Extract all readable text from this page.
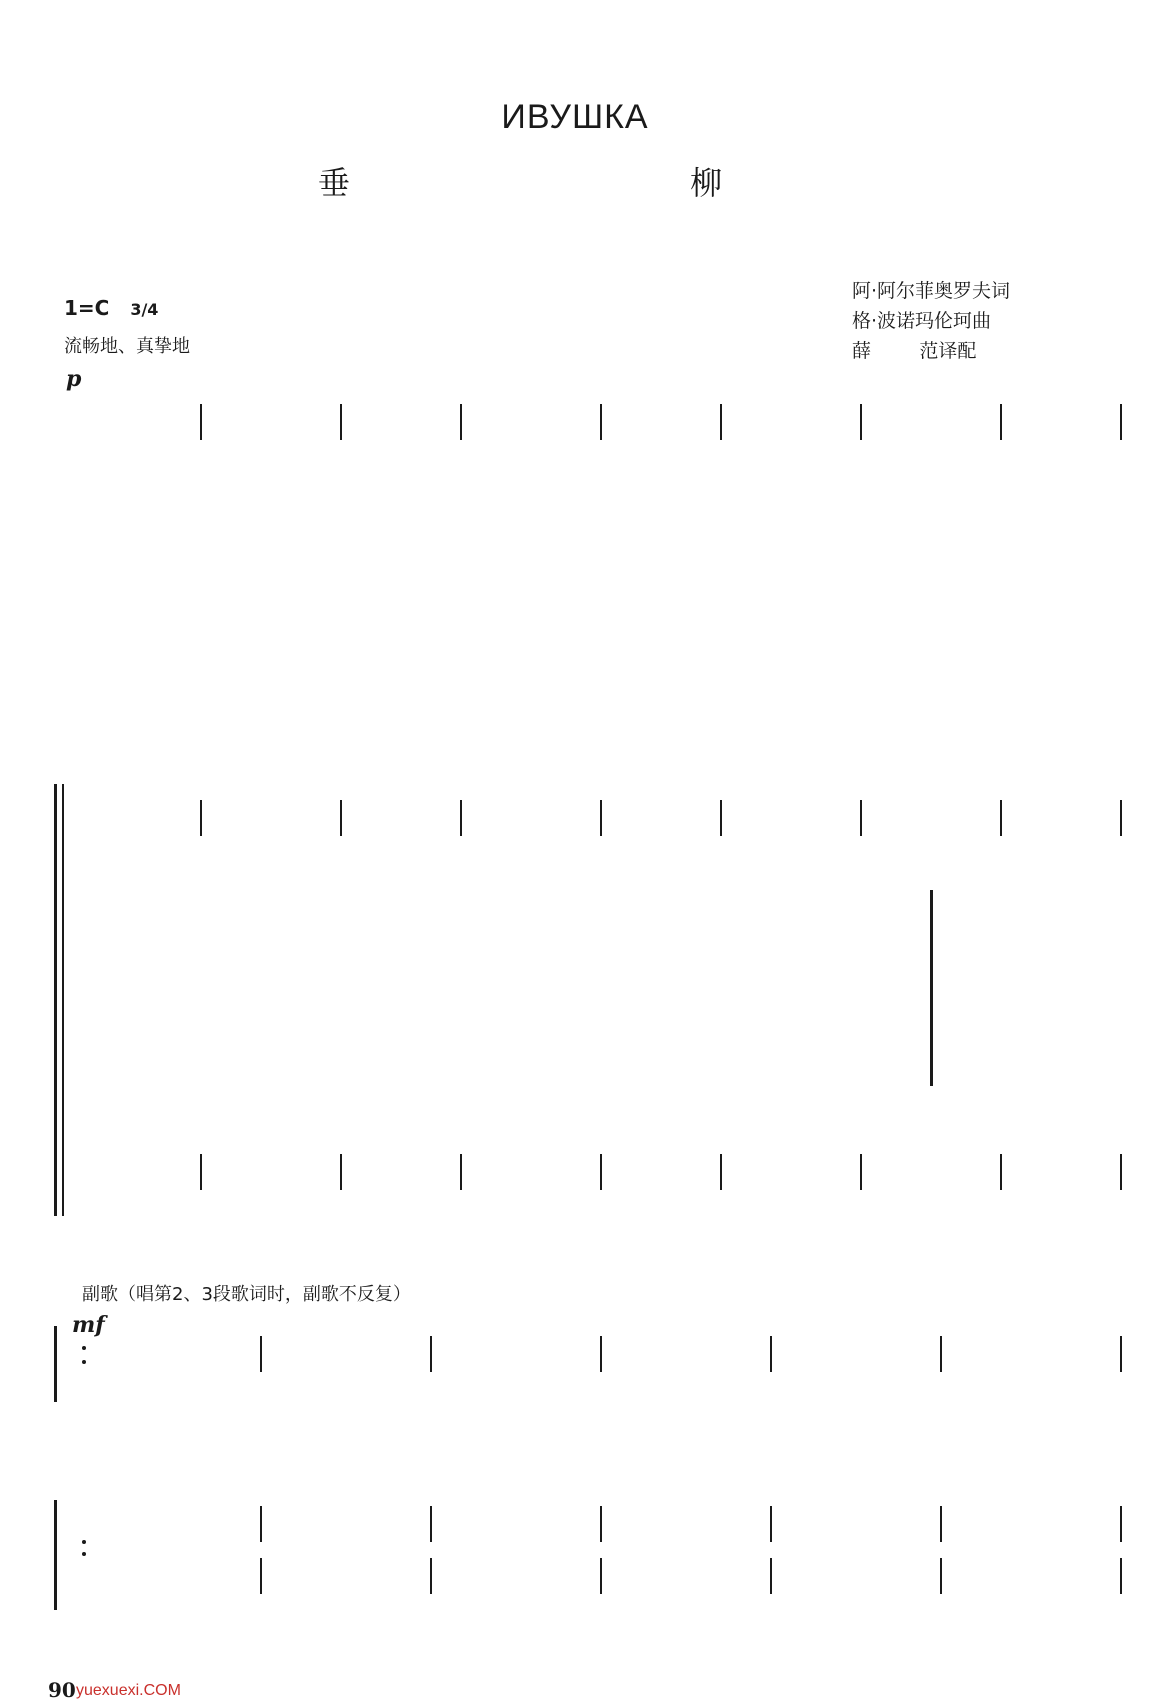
ИВУШКА
垂 柳
阿·阿尔菲奥罗夫词
格·波诺玛伦珂曲
薛        范译配
1=C 3/4
流畅地、真挚地
p
副歌（唱第2、3段歌词时，副歌不反复）
mf
90 yuexuexi.COM
